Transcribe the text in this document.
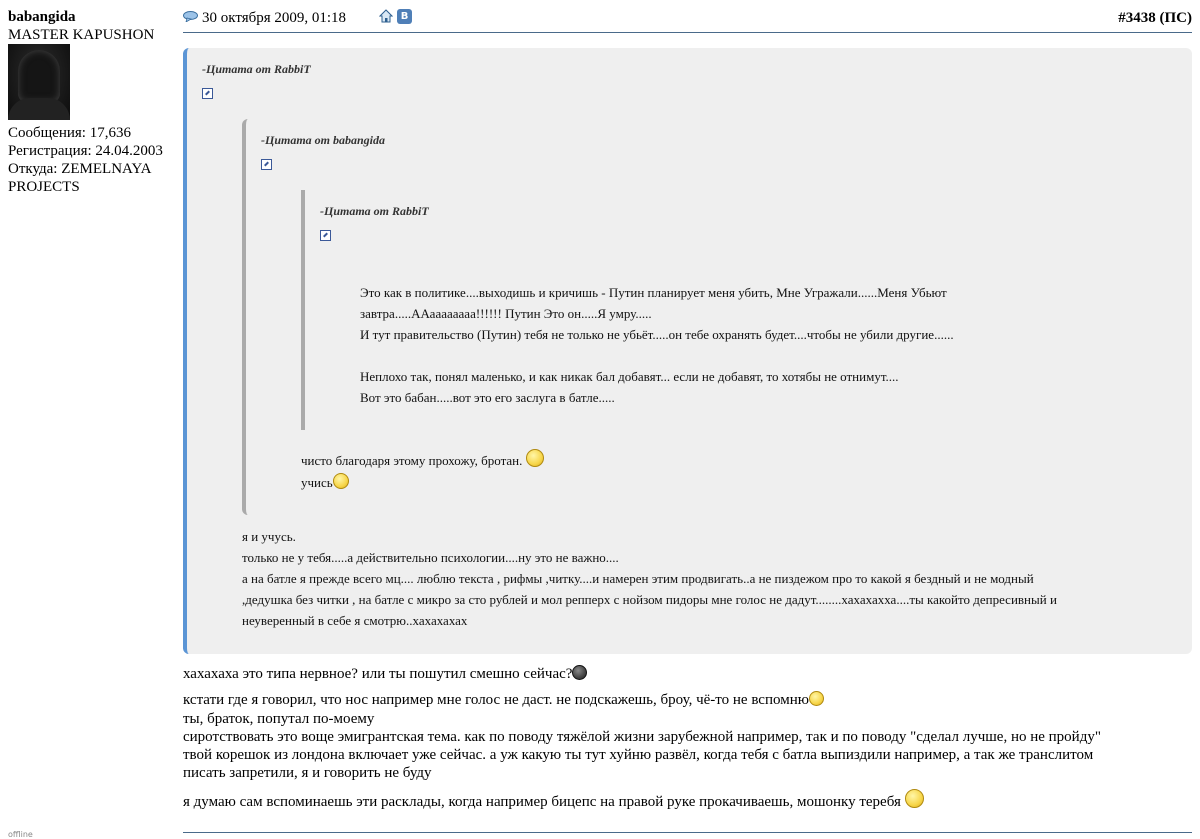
babangida
MASTER KAPUSHON
Сообщения: 17,636
Регистрация: 24.04.2003
Откуда: ZEMELNAYA
PROJECTS
offline
30 октября 2009, 01:18	В	#3438 (ПС)
-Цитата от RabbiT
-Цитата от babangida
-Цитата от RabbiT
Это как в политике....выходишь и кричишь - Путин планирует меня убить, Мне Угражали......Меня Убьют
завтра.....ААаааааааа!!!!!! Путин Это он.....Я умру.....
И тут правительство (Путин) тебя не только не убьёт.....он тебе охранять будет....чтобы не убили другие......
Неплохо так, понял маленько, и как никак бал добавят... если не добавят, то хотябы не отнимут....
Вот это бабан.....вот это его заслуга в батле.....
чисто благодаря этому прохожу, бротан.
учись
я и учусь.
только не у тебя.....а действительно психологии....ну это не важно....
а на батле я прежде всего мц.... люблю текста , рифмы ,читку....и намерен этим продвигать..а не пиздежом про то какой я бездный и не модный
,дедушка без читки , на батле с микро за сто рублей и мол репперх с нойзом пидоры мне голос не дадут........хахахахха....ты какойто депресивный и
неуверенный в себе я смотрю..хахахахах
хахахаха это типа нервное? или ты пошутил смешно сейчас?
кстати где я говорил, что нос например мне голос не даст. не подскажешь, броу, чё-то не вспомню
ты, браток, попутал по-моему
сиротствовать это воще эмигрантская тема. как по поводу тяжёлой жизни зарубежной например, так и по поводу "сделал лучше, но не пройду"
твой корешок из лондона включает уже сейчас. а уж какую ты тут хуйню развёл, когда тебя с батла выпиздили например, а так же транслитом
писать запретили, я и говорить не буду
я думаю сам вспоминаешь эти расклады, когда например бицепс на правой руке прокачиваешь, мошонку теребя
